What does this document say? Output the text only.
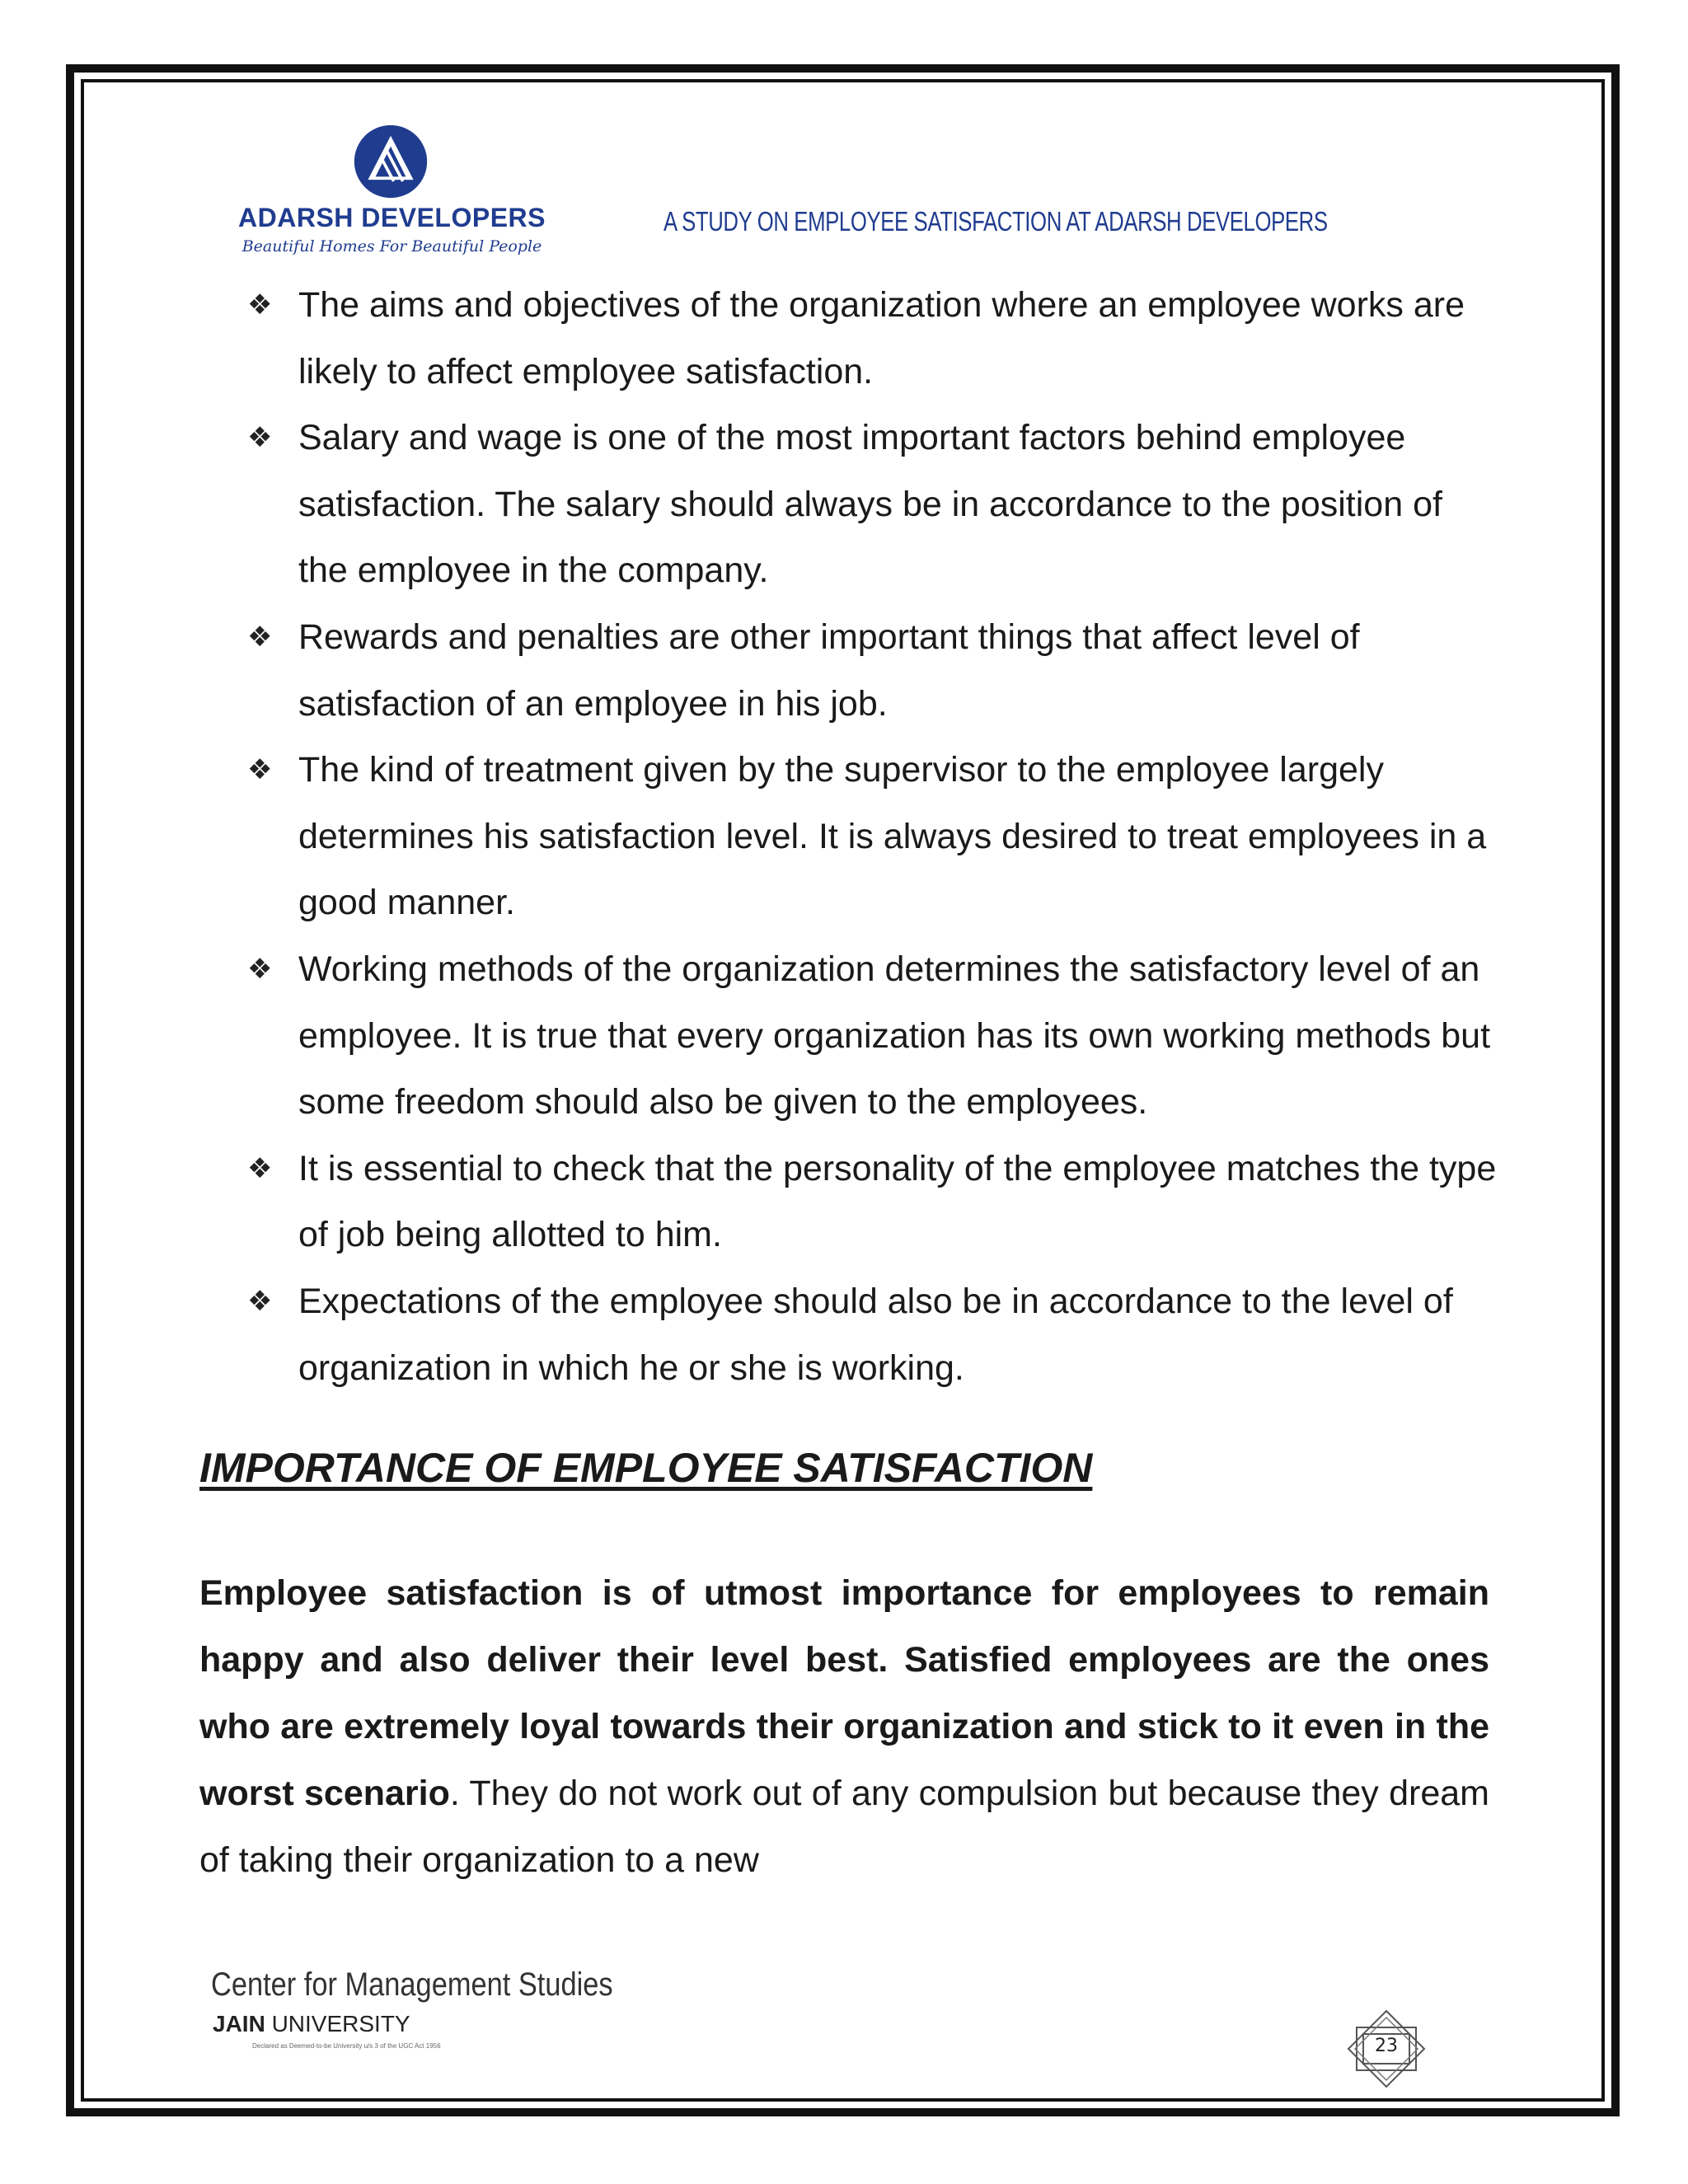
ADARSH DEVELOPERS
Beautiful Homes For Beautiful People
A STUDY ON EMPLOYEE SATISFACTION AT ADARSH DEVELOPERS
❖ The aims and objectives of the organization where an employee works are likely to affect employee satisfaction.
❖ Salary and wage is one of the most important factors behind employee satisfaction. The salary should always be in accordance to the position of the employee in the company.
❖ Rewards and penalties are other important things that affect level of satisfaction of an employee in his job.
❖ The kind of treatment given by the supervisor to the employee largely determines his satisfaction level. It is always desired to treat employees in a good manner.
❖ Working methods of the organization determines the satisfactory level of an employee. It is true that every organization has its own working methods but some freedom should also be given to the employees.
❖ It is essential to check that the personality of the employee matches the type of job being allotted to him.
❖ Expectations of the employee should also be in accordance to the level of organization in which he or she is working.
IMPORTANCE OF EMPLOYEE SATISFACTION

Employee satisfaction is of utmost importance for employees to remain happy and also deliver their level best. Satisfied employees are the ones who are extremely loyal towards their organization and stick to it even in the worst scenario. They do not work out of any compulsion but because they dream of taking their organization to a new

Center for Management Studies
JAIN UNIVERSITY
Declared as Deemed-to-be University u/s 3 of the UGC Act 1956	23
